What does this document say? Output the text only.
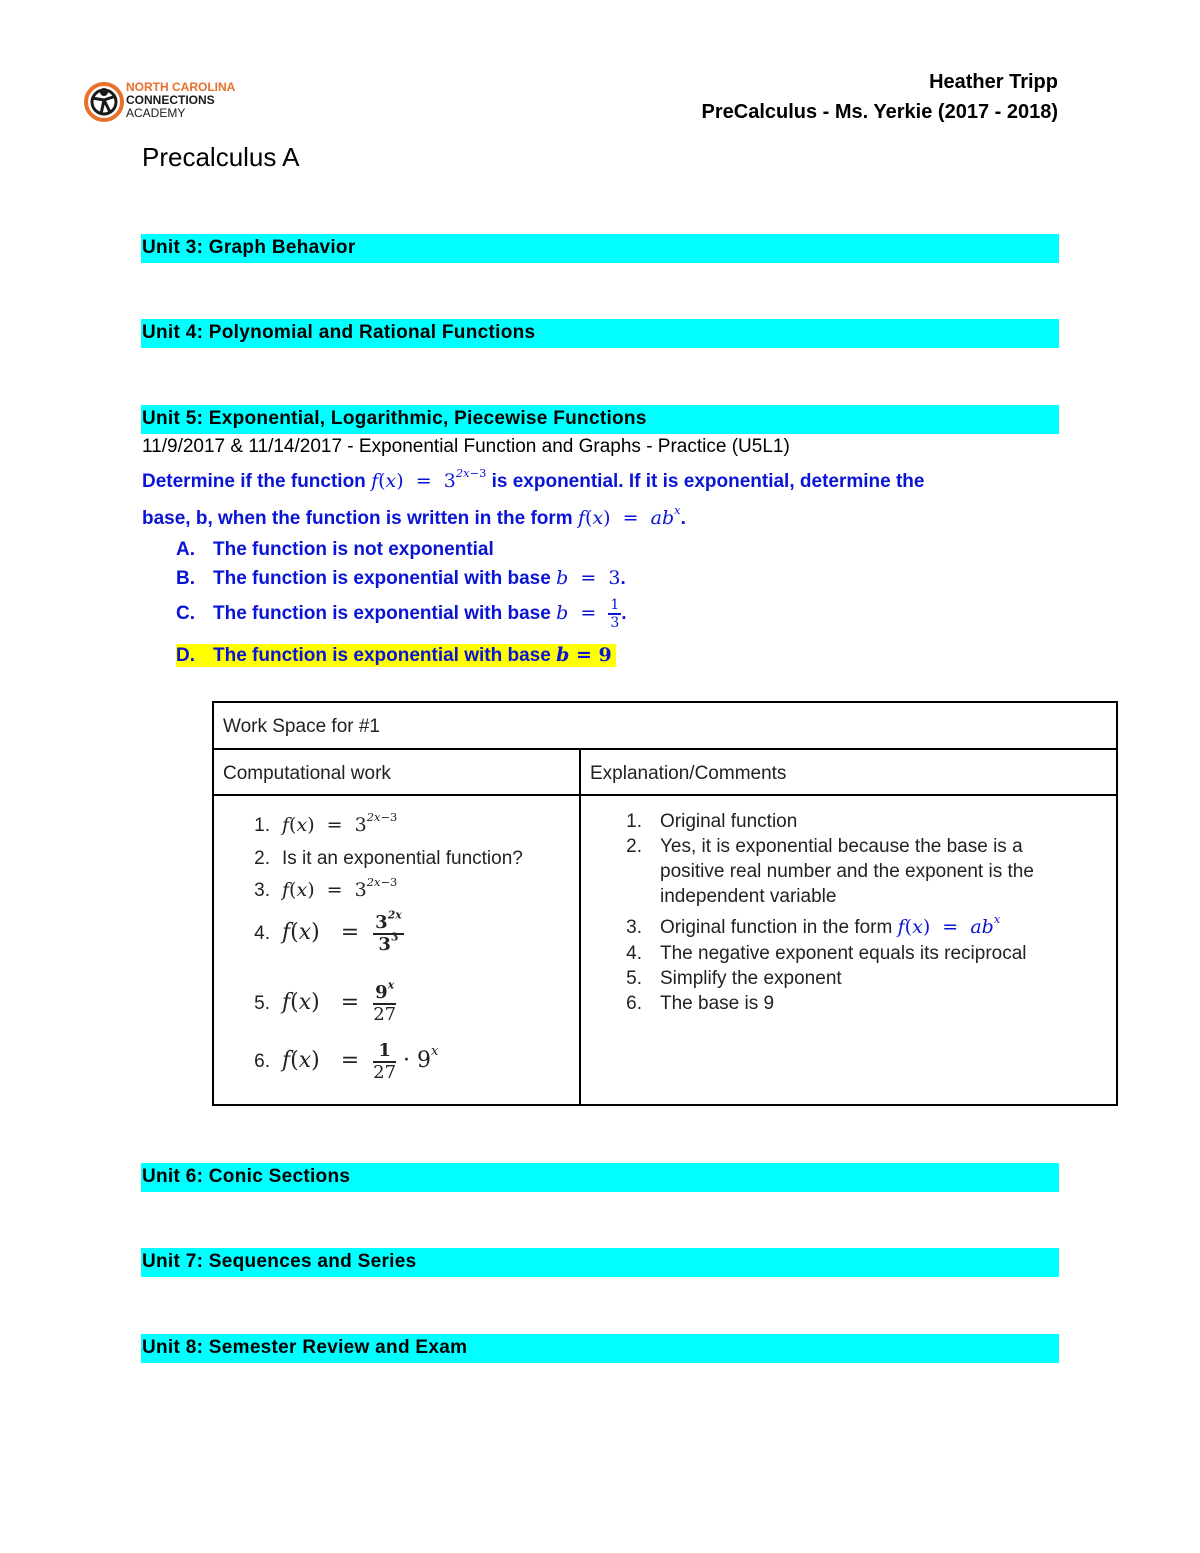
NORTH CAROLINA
CONNECTIONS
ACADEMY
Heather Tripp
PreCalculus - Ms. Yerkie (2017 - 2018)
Precalculus A
Unit 3: Graph Behavior
Unit 4: Polynomial and Rational Functions
Unit 5: Exponential, Logarithmic, Piecewise Functions
11/9/2017 & 11/14/2017 - Exponential Function and Graphs - Practice (U5L1)
Determine if the function $f(x) = 3^{2x-3}$ is exponential. If it is exponential, determine the
base, b, when the function is written in the form $f(x) = ab^x$.
A. The function is not exponential
B. The function is exponential with base b  =  3.
C. The function is exponential with base $b = \frac{1}{3}$ .
D. The function is exponential with base b = 9
Work Space for #1
Computational work	Explanation/Comments
1. $f(x) = 3^{2x-3}$
2. Is it an exponential function?
3. $f(x) = 3^{2x-3}$
4. $f(x) = \frac{3^{2x}}{3^3}$
5. $f(x) = \frac{9^x}{27}$
6. $f(x) = \frac{1}{27} \cdot 9^x$
1. Original function
2. Yes, it is exponential because the base is a positive real number and the exponent is the independent variable
3. Original function in the form $f(x) = ab^x$
4. The negative exponent equals its reciprocal
5. Simplify the exponent
6. The base is 9
Unit 6: Conic Sections
Unit 7: Sequences and Series
Unit 8: Semester Review and Exam
